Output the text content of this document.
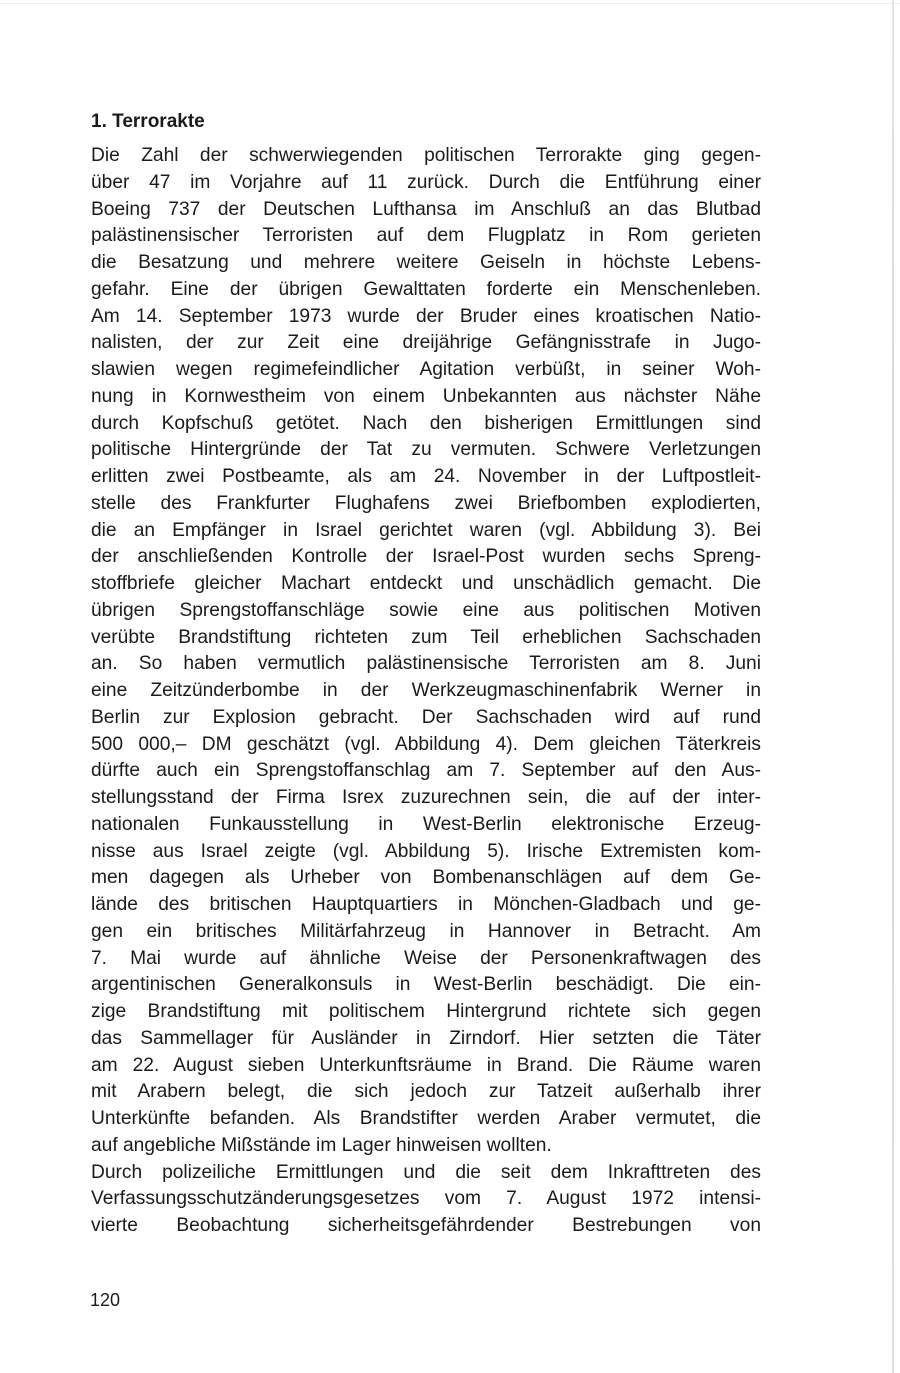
1. Terrorakte
Die Zahl der schwerwiegenden politischen Terrorakte ging gegen-
über 47 im Vorjahre auf 11 zurück. Durch die Entführung einer
Boeing 737 der Deutschen Lufthansa im Anschluß an das Blutbad
palästinensischer Terroristen auf dem Flugplatz in Rom gerieten
die Besatzung und mehrere weitere Geiseln in höchste Lebens-
gefahr. Eine der übrigen Gewalttaten forderte ein Menschenleben.
Am 14. September 1973 wurde der Bruder eines kroatischen Natio-
nalisten, der zur Zeit eine dreijährige Gefängnisstrafe in Jugo-
slawien wegen regimefeindlicher Agitation verbüßt, in seiner Woh-
nung in Kornwestheim von einem Unbekannten aus nächster Nähe
durch Kopfschuß getötet. Nach den bisherigen Ermittlungen sind
politische Hintergründe der Tat zu vermuten. Schwere Verletzungen
erlitten zwei Postbeamte, als am 24. November in der Luftpostleit-
stelle des Frankfurter Flughafens zwei Briefbomben explodierten,
die an Empfänger in Israel gerichtet waren (vgl. Abbildung 3). Bei
der anschließenden Kontrolle der Israel-Post wurden sechs Spreng-
stoffbriefe gleicher Machart entdeckt und unschädlich gemacht. Die
übrigen Sprengstoffanschläge sowie eine aus politischen Motiven
verübte Brandstiftung richteten zum Teil erheblichen Sachschaden
an. So haben vermutlich palästinensische Terroristen am 8. Juni
eine Zeitzünderbombe in der Werkzeugmaschinenfabrik Werner in
Berlin zur Explosion gebracht. Der Sachschaden wird auf rund
500 000,– DM geschätzt (vgl. Abbildung 4). Dem gleichen Täterkreis
dürfte auch ein Sprengstoffanschlag am 7. September auf den Aus-
stellungsstand der Firma Isrex zuzurechnen sein, die auf der inter-
nationalen Funkausstellung in West-Berlin elektronische Erzeug-
nisse aus Israel zeigte (vgl. Abbildung 5). Irische Extremisten kom-
men dagegen als Urheber von Bombenanschlägen auf dem Ge-
lände des britischen Hauptquartiers in Mönchen-Gladbach und ge-
gen ein britisches Militärfahrzeug in Hannover in Betracht. Am
7. Mai wurde auf ähnliche Weise der Personenkraftwagen des
argentinischen Generalkonsuls in West-Berlin beschädigt. Die ein-
zige Brandstiftung mit politischem Hintergrund richtete sich gegen
das Sammellager für Ausländer in Zirndorf. Hier setzten die Täter
am 22. August sieben Unterkunftsräume in Brand. Die Räume waren
mit Arabern belegt, die sich jedoch zur Tatzeit außerhalb ihrer
Unterkünfte befanden. Als Brandstifter werden Araber vermutet, die
auf angebliche Mißstände im Lager hinweisen wollten.
Durch polizeiliche Ermittlungen und die seit dem Inkrafttreten des
Verfassungsschutzänderungsgesetzes vom 7. August 1972 intensi-
vierte Beobachtung sicherheitsgefährdender Bestrebungen von
120
